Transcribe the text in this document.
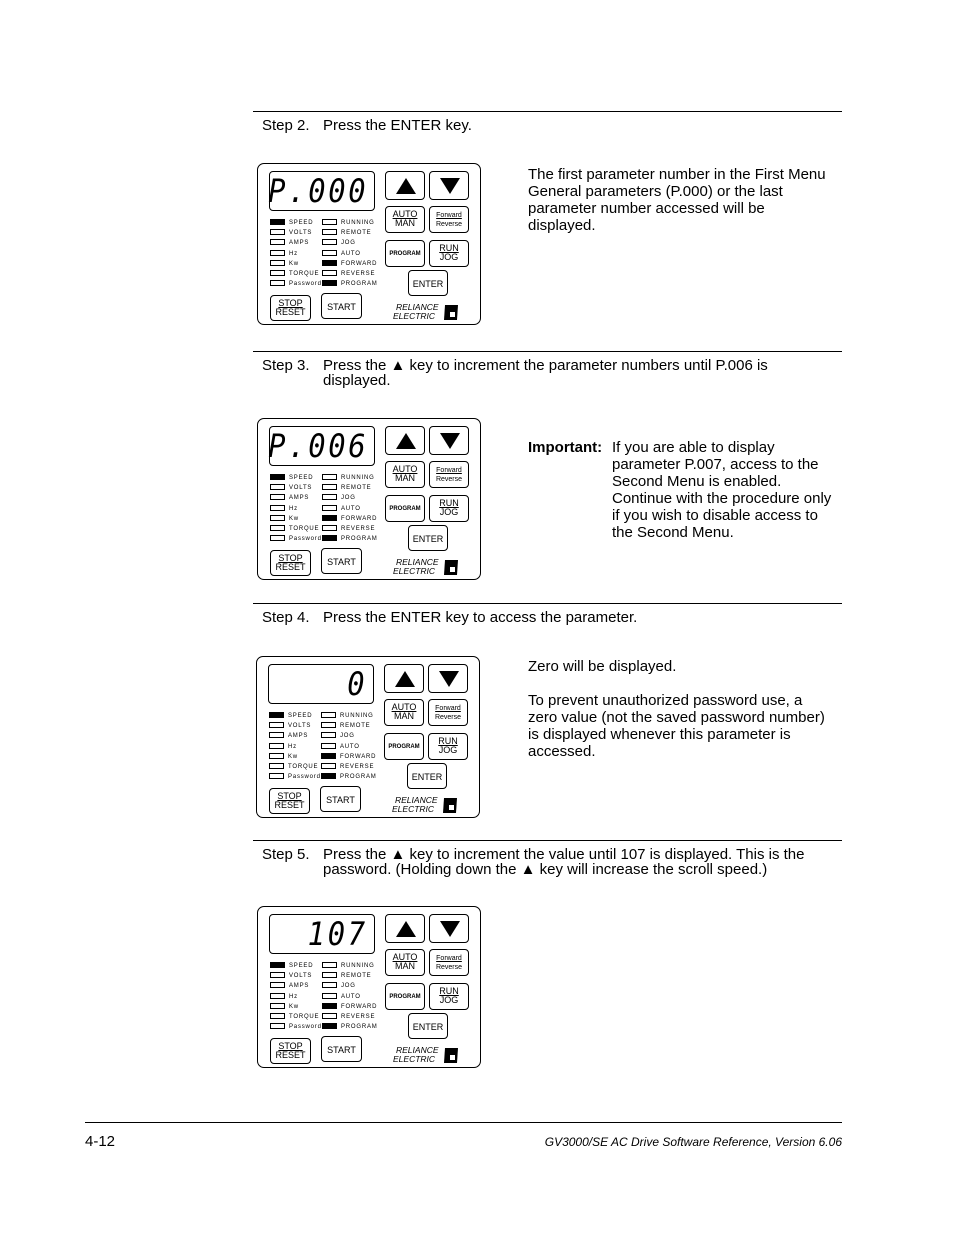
Step 2. Press the ENTER key.
Step 3. Press the ▲ key to increment the parameter numbers until P.006 is displayed.
Step 4. Press the ENTER key to access the parameter.
Step 5. Press the ▲ key to increment the value until 107 is displayed. This is the password. (Holding down the ▲ key will increase the scroll speed.)

The first parameter number in the First Menu General parameters (P.000) or the last parameter number accessed will be displayed.

Important: If you are able to display parameter P.007, access to the Second Menu is enabled. Continue with the procedure only if you wish to disable access to the Second Menu.

Zero will be displayed.

To prevent unauthorized password use, a zero value (not the saved password number) is displayed whenever this parameter is accessed.

P.000
AUTO
MAN
Forward
Reverse
PROGRAM
RUN
JOG
ENTER
STOP
RESET	START
SPEED
VOLTS
AMPS
Hz
Kw
TORQUE
Password
RUNNING
REMOTE
JOG
AUTO
FORWARD
REVERSE
PROGRAM
RELIANCE
ELECTRIC
P.006
AUTO
MAN
Forward
Reverse
PROGRAM
RUN
JOG
ENTER
STOP
RESET	START
SPEED
VOLTS
AMPS
Hz
Kw
TORQUE
Password
RUNNING
REMOTE
JOG
AUTO
FORWARD
REVERSE
PROGRAM
RELIANCE
ELECTRIC
0
AUTO
MAN
Forward
Reverse
PROGRAM
RUN
JOG
ENTER
STOP
RESET	START
SPEED
VOLTS
AMPS
Hz
Kw
TORQUE
Password
RUNNING
REMOTE
JOG
AUTO
FORWARD
REVERSE
PROGRAM
RELIANCE
ELECTRIC
107
AUTO
MAN
Forward
Reverse
PROGRAM
RUN
JOG
ENTER
STOP
RESET	START
SPEED
VOLTS
AMPS
Hz
Kw
TORQUE
Password
RUNNING
REMOTE
JOG
AUTO
FORWARD
REVERSE
PROGRAM
RELIANCE
ELECTRIC
4-12	GV3000/SE AC Drive Software Reference, Version 6.06
